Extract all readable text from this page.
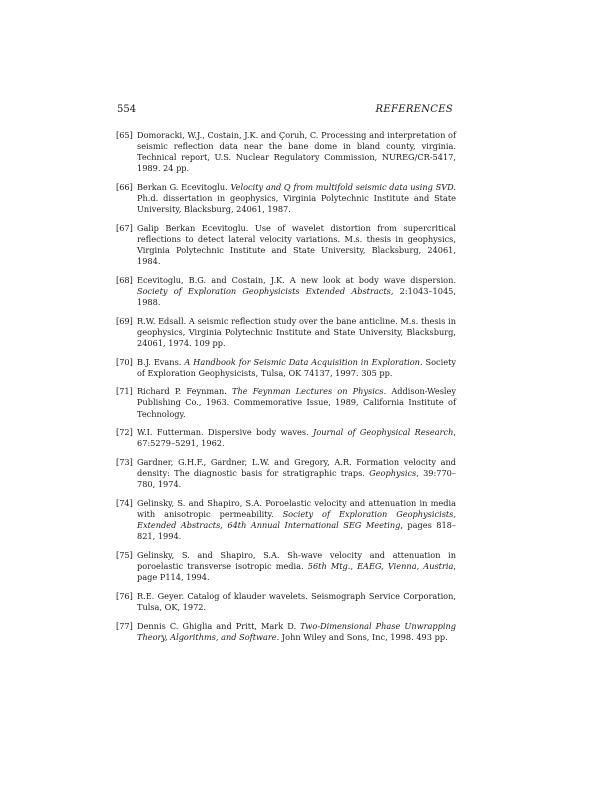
554	REFERENCES
[65] Domoracki, W.J., Costain, J.K. and Çoruh, C. Processing and interpretation of seismic reflection data near the bane dome in bland county, virginia. Technical report, U.S. Nuclear Regulatory Commission, NUREG/CR-5417, 1989. 24 pp.
[66] Berkan G. Ecevitoglu. Velocity and Q from multifold seismic data using SVD. Ph.d. dissertation in geophysics, Virginia Polytechnic Institute and State University, Blacksburg, 24061, 1987.
[67] Galip Berkan Ecevitoglu. Use of wavelet distortion from supercritical reflections to detect lateral velocity variations. M.s. thesis in geophysics, Virginia Polytechnic Institute and State University, Blacksburg, 24061, 1984.
[68] Ecevitoglu, B.G. and Costain, J.K. A new look at body wave dispersion. Society of Exploration Geophysicists Extended Abstracts, 2:1043–1045, 1988.
[69] R.W. Edsall. A seismic reflection study over the bane anticline. M.s. thesis in geophysics, Virginia Polytechnic Institute and State University, Blacksburg, 24061, 1974. 109 pp.
[70] B.J. Evans. A Handbook for Seismic Data Acquisition in Exploration. Society of Exploration Geophysicists, Tulsa, OK 74137, 1997. 305 pp.
[71] Richard P. Feynman. The Feynman Lectures on Physics. Addison-Wesley Publishing Co., 1963. Commemorative Issue, 1989, California Institute of Technology.
[72] W.I. Futterman. Dispersive body waves. Journal of Geophysical Research, 67:5279–5291, 1962.
[73] Gardner, G.H.F., Gardner, L.W. and Gregory, A.R. Formation velocity and density: The diagnostic basis for stratigraphic traps. Geophysics, 39:770–780, 1974.
[74] Gelinsky, S. and Shapiro, S.A. Poroelastic velocity and attenuation in media with anisotropic permeability. Society of Exploration Geophysicists, Extended Abstracts, 64th Annual International SEG Meeting, pages 818–821, 1994.
[75] Gelinsky, S. and Shapiro, S.A. Sh-wave velocity and attenuation in poroelastic transverse isotropic media. 56th Mtg., EAEG, Vienna, Austria, page P114, 1994.
[76] R.E. Geyer. Catalog of klauder wavelets. Seismograph Service Corporation, Tulsa, OK, 1972.
[77] Dennis C. Ghiglia and Pritt, Mark D. Two-Dimensional Phase Unwrapping Theory, Algorithms, and Software. John Wiley and Sons, Inc, 1998. 493 pp.
